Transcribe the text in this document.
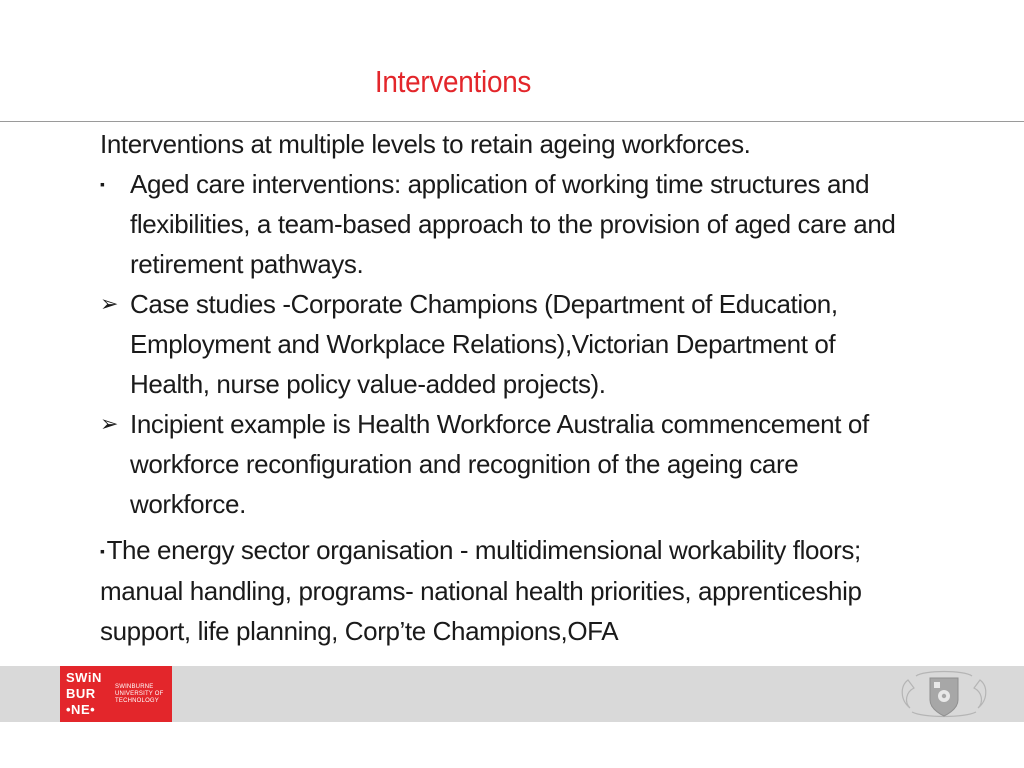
Interventions

Interventions at multiple levels to retain ageing workforces.

▪ Aged care interventions: application of working time structures and flexibilities, a team-based approach to the provision of aged care and retirement pathways.

➢ Case studies -Corporate Champions (Department of Education, Employment and Workplace Relations),Victorian Department of Health, nurse policy value-added projects).

➢ Incipient example is Health Workforce Australia commencement of workforce reconfiguration and recognition of the ageing care workforce.

▪The energy sector organisation - multidimensional workability floors; manual handling, programs- national health priorities, apprenticeship support, life planning, Corp’te Champions,OFA

SWiN
BUR
•NE•
SWINBURNE UNIVERSITY OF TECHNOLOGY
